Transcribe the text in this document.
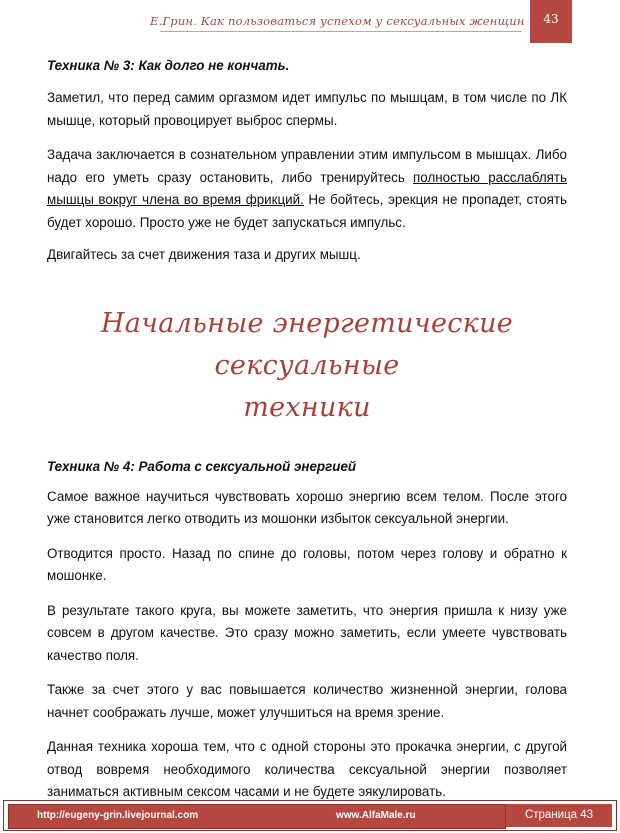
Е.Грин. Как пользоваться успехом у сексуальных женщин	43

Техника № 3: Как долго не кончать.

Заметил, что перед самим оргазмом идет импульс по мышцам, в том числе по ЛК мышце, который провоцирует выброс спермы.

Задача заключается в сознательном управлении этим импульсом в мышцах. Либо надо его уметь сразу остановить, либо тренируйтесь полностью расслаблять мышцы вокруг члена во время фрикций. Не бойтесь, эрекция не пропадет, стоять будет хорошо. Просто уже не будет запускаться импульс.

Двигайтесь за счет движения таза и других мышц.

Начальные энергетические сексуальные

техники

Техника № 4: Работа с сексуальной энергией

Самое важное научиться чувствовать хорошо энергию всем телом. После этого уже становится легко отводить из мошонки избыток сексуальной энергии.

Отводится просто. Назад по спине до головы, потом через голову и обратно к мошонке.

В результате такого круга, вы можете заметить, что энергия пришла к низу уже совсем в другом качестве. Это сразу можно заметить, если умеете чувствовать качество поля.

Также за счет этого у вас повышается количество жизненной энергии, голова начнет соображать лучше, может улучшиться на время зрение.

Данная техника хороша тем, что с одной стороны это прокачка энергии, с другой отвод вовремя необходимого количества сексуальной энергии позволяет заниматься активным сексом часами и не будете эякулировать.

http://eugeny-grin.livejournal.com	www.AlfaMale.ru	Страница 43
